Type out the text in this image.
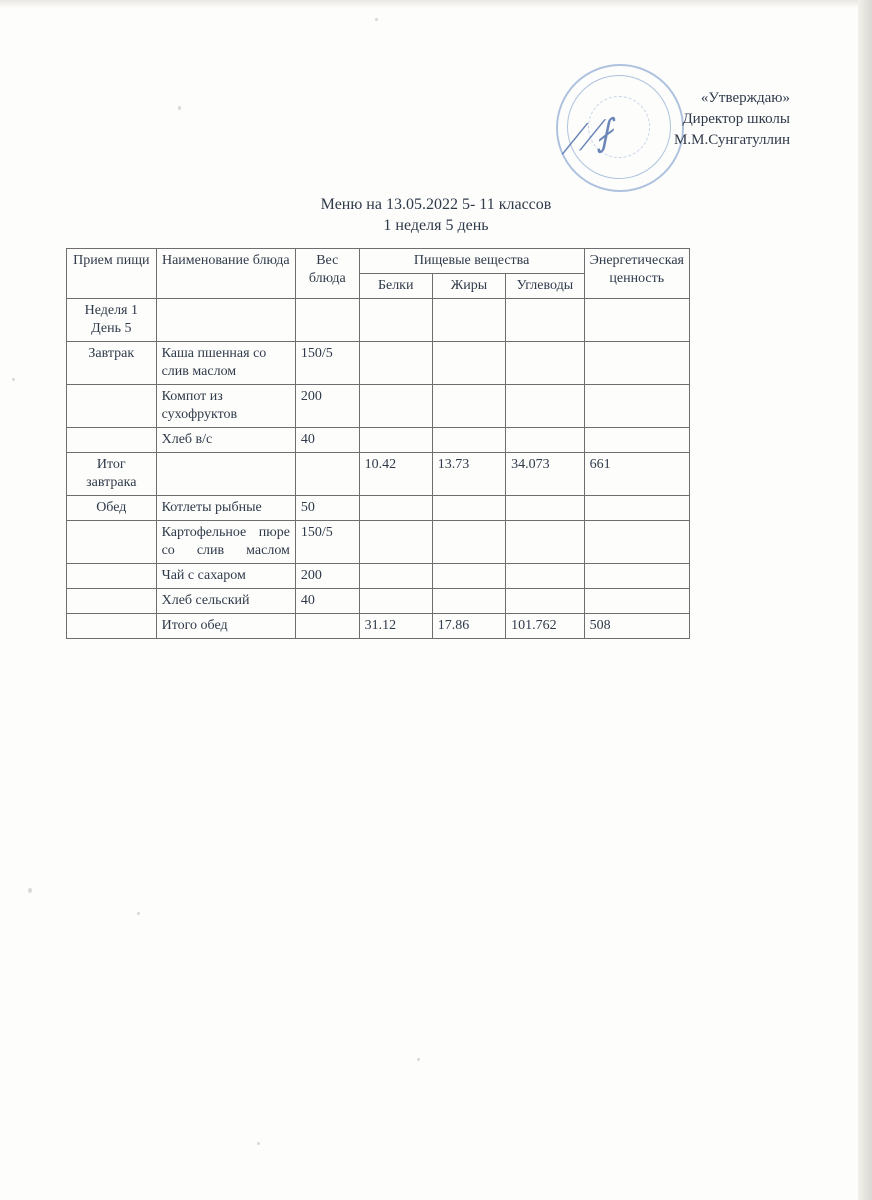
⟋⟋⨏
«Утверждаю»
Директор школы
М.М.Сунгатуллин
Меню на 13.05.2022 5- 11 классов
1 неделя 5 день
Прием пищи	Наименование блюда	Вес блюда	Пищевые вещества			Энергетическая ценность
			Белки	Жиры	Углеводы	
Неделя 1 День 5						
Завтрак	Каша пшенная со слив маслом	150/5				
	Компот из сухофруктов	200				
	Хлеб в/с	40				
Итог завтрака			10.42	13.73	34.073	661
Обед	Котлеты рыбные	50				
	Картофельное пюре со слив маслом	150/5				
	Чай с сахаром	200				
	Хлеб сельский	40				
	Итого обед		31.12	17.86	101.762	508
